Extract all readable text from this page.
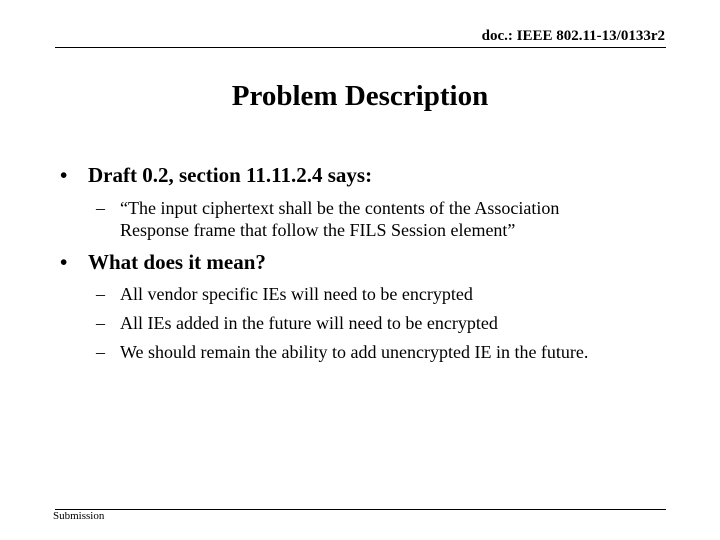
doc.: IEEE 802.11-13/0133r2
Problem Description
• Draft 0.2, section 11.11.2.4 says:
– “The input ciphertext shall be the contents of the Association
Response frame that follow the FILS Session element”
• What does it mean?
– All vendor specific IEs will need to be encrypted
– All IEs added in the future will need to be encrypted
– We should remain the ability to add unencrypted IE in the future.
Submission
